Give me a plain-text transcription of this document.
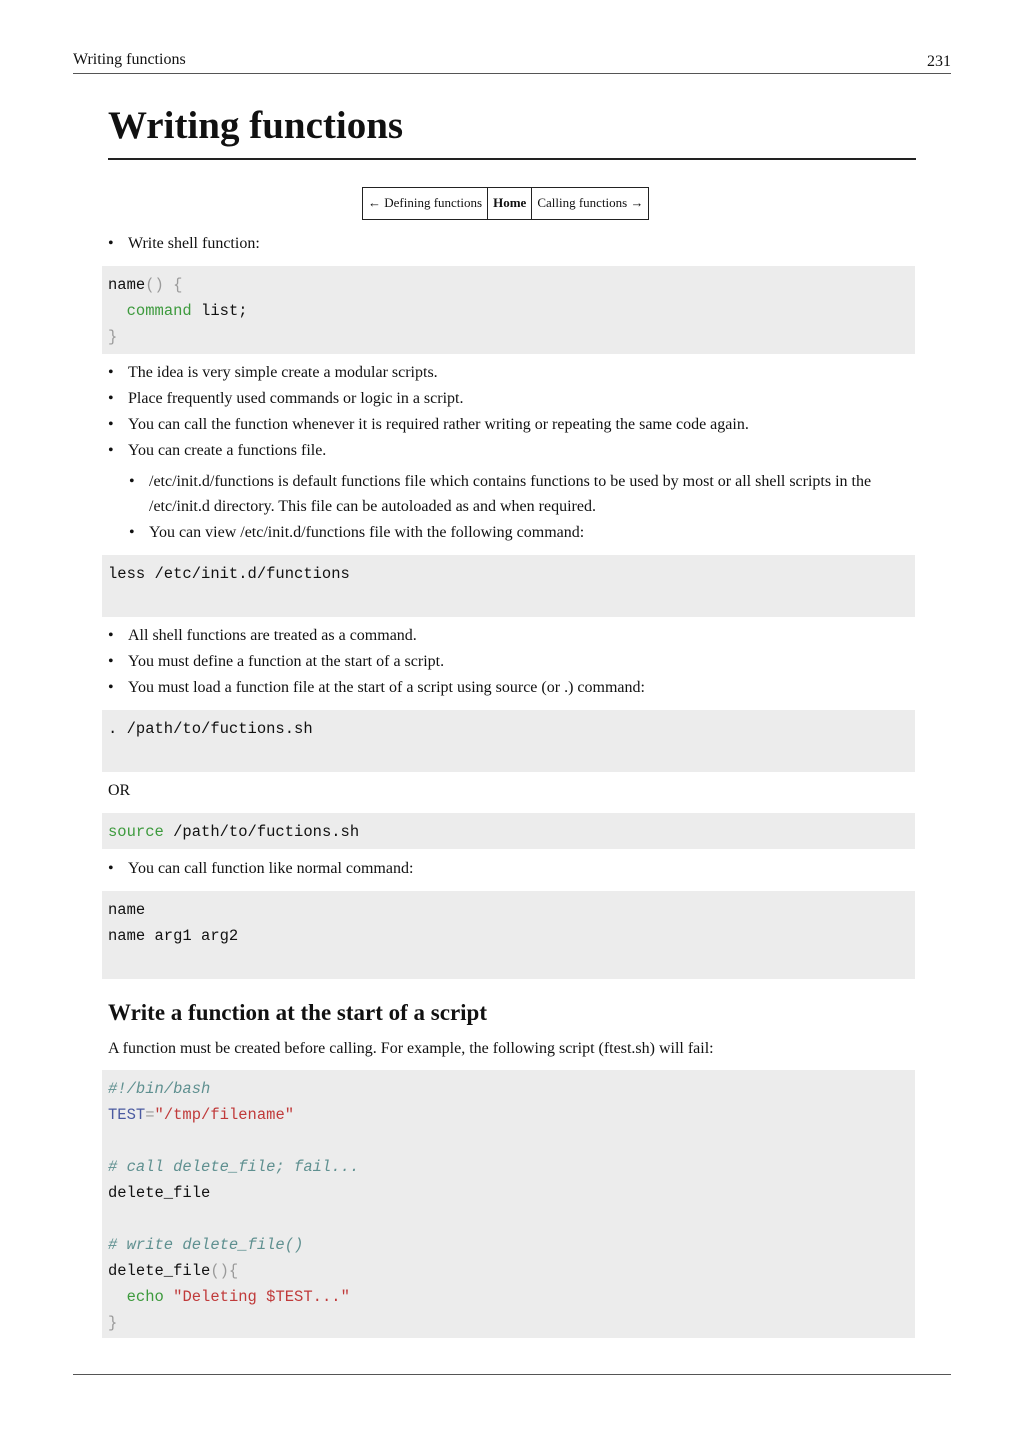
Writing functions	231
Writing functions
← Defining functions Home Calling functions →
• Write shell function:
name() {
command list;
}
• The idea is very simple create a modular scripts.
• Place frequently used commands or logic in a script.
• You can call the function whenever it is required rather writing or repeating the same code again.
• You can create a functions file.
• /etc/init.d/functions is default functions file which contains functions to be used by most or all shell scripts in the /etc/init.d directory. This file can be autoloaded as and when required.
• You can view /etc/init.d/functions file with the following command:
less /etc/init.d/functions
• All shell functions are treated as a command.
• You must define a function at the start of a script.
• You must load a function file at the start of a script using source (or .) command:
. /path/to/fuctions.sh
OR
source /path/to/fuctions.sh
• You can call function like normal command:
name
name arg1 arg2
Write a function at the start of a script
A function must be created before calling. For example, the following script (ftest.sh) will fail:
#!/bin/bash
TEST="/tmp/filename"
# call delete_file; fail...
delete_file
# write delete_file()
delete_file(){
echo "Deleting $TEST..."
}
